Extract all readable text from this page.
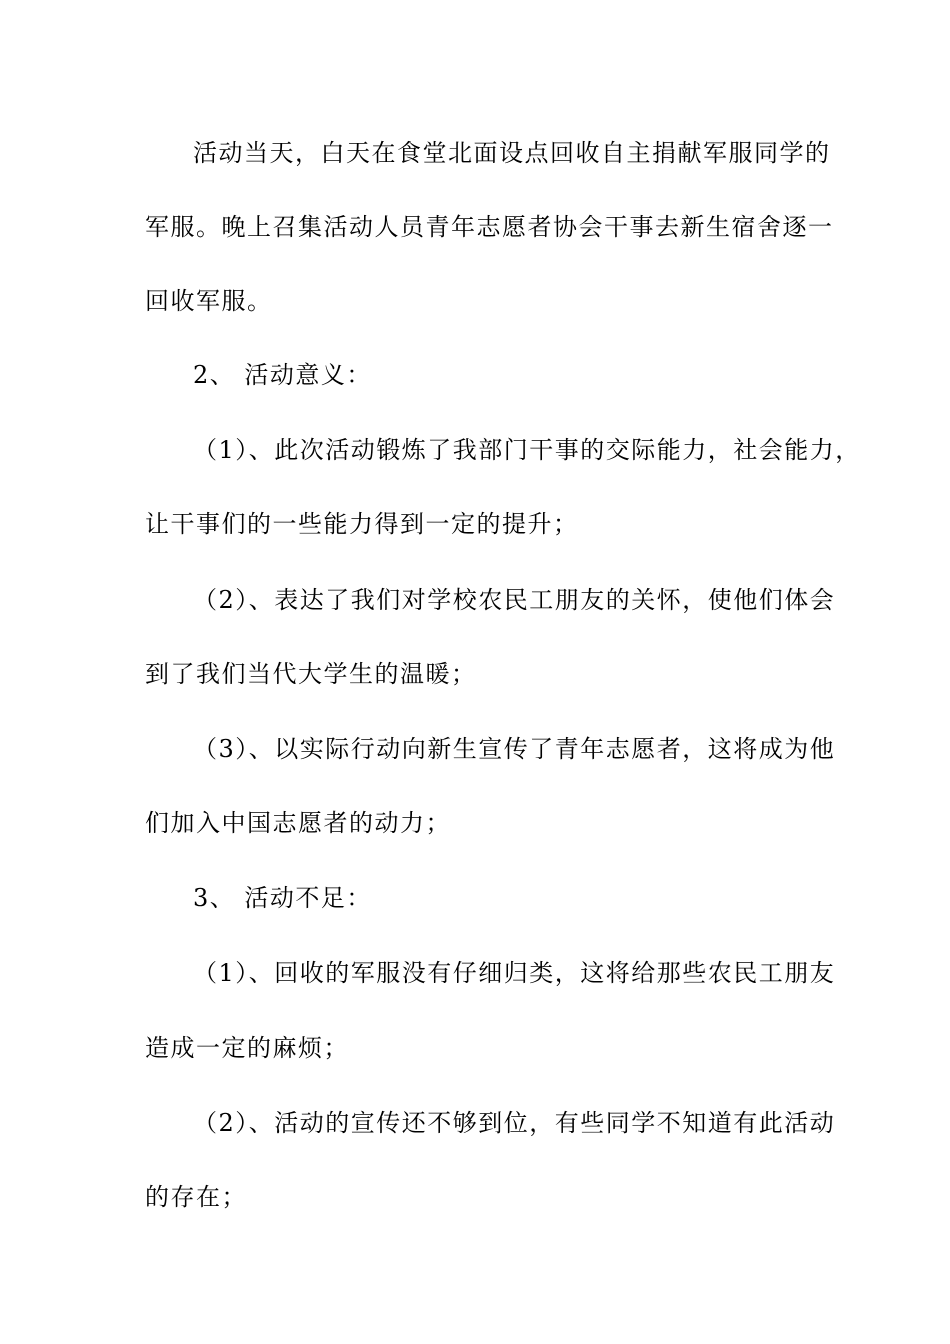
活动当天，白天在食堂北面设点回收自主捐献军服同学的
军服。晚上召集活动人员青年志愿者协会干事去新生宿舍逐一
回收军服。
2、 活动意义：
（1）、此次活动锻炼了我部门干事的交际能力，社会能力，
让干事们的一些能力得到一定的提升；
（2）、表达了我们对学校农民工朋友的关怀，使他们体会
到了我们当代大学生的温暖；
（3）、以实际行动向新生宣传了青年志愿者，这将成为他
们加入中国志愿者的动力；
3、 活动不足：
（1）、回收的军服没有仔细归类，这将给那些农民工朋友
造成一定的麻烦；
（2）、活动的宣传还不够到位，有些同学不知道有此活动
的存在；
